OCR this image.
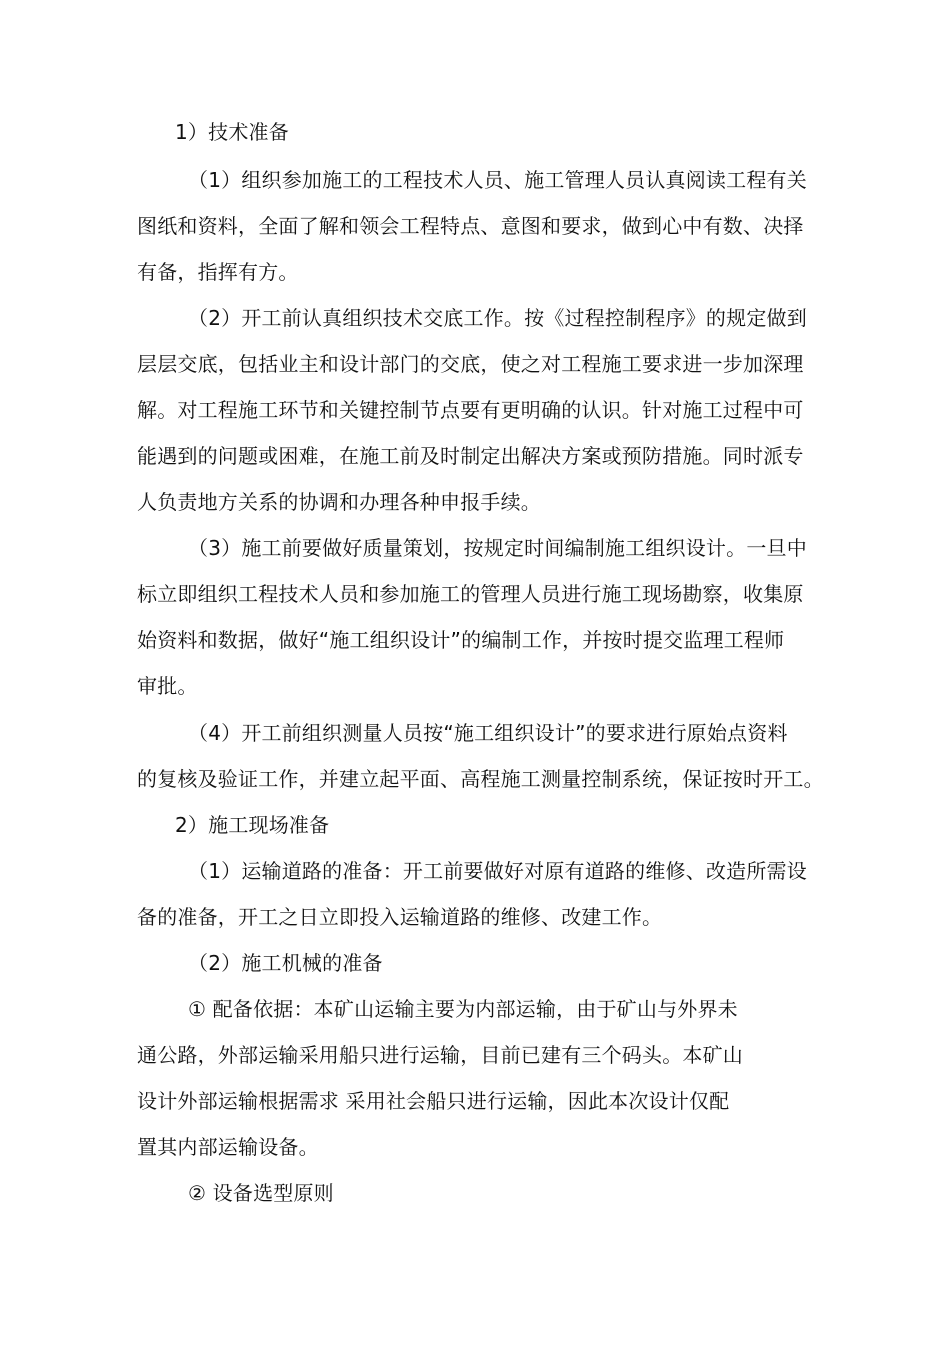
1）技术准备
（1）组织参加施工的工程技术人员、施工管理人员认真阅读工程有关
图纸和资料，全面了解和领会工程特点、意图和要求，做到心中有数、决择
有备，指挥有方。
（2）开工前认真组织技术交底工作。按《过程控制程序》的规定做到
层层交底，包括业主和设计部门的交底，使之对工程施工要求进一步加深理
解。对工程施工环节和关键控制节点要有更明确的认识。针对施工过程中可
能遇到的问题或困难，在施工前及时制定出解决方案或预防措施。同时派专
人负责地方关系的协调和办理各种申报手续。
（3）施工前要做好质量策划，按规定时间编制施工组织设计。一旦中
标立即组织工程技术人员和参加施工的管理人员进行施工现场勘察，收集原
始资料和数据，做好“施工组织设计”的编制工作，并按时提交监理工程师
审批。
（4）开工前组织测量人员按“施工组织设计”的要求进行原始点资料
的复核及验证工作，并建立起平面、高程施工测量控制系统，保证按时开工。
2）施工现场准备
（1）运输道路的准备：开工前要做好对原有道路的维修、改造所需设
备的准备，开工之日立即投入运输道路的维修、改建工作。
（2）施工机械的准备
① 配备依据：本矿山运输主要为内部运输，由于矿山与外界未
通公路，外部运输采用船只进行运输，目前已建有三个码头。本矿山
设计外部运输根据需求 采用社会船只进行运输，因此本次设计仅配
置其内部运输设备。
② 设备选型原则
